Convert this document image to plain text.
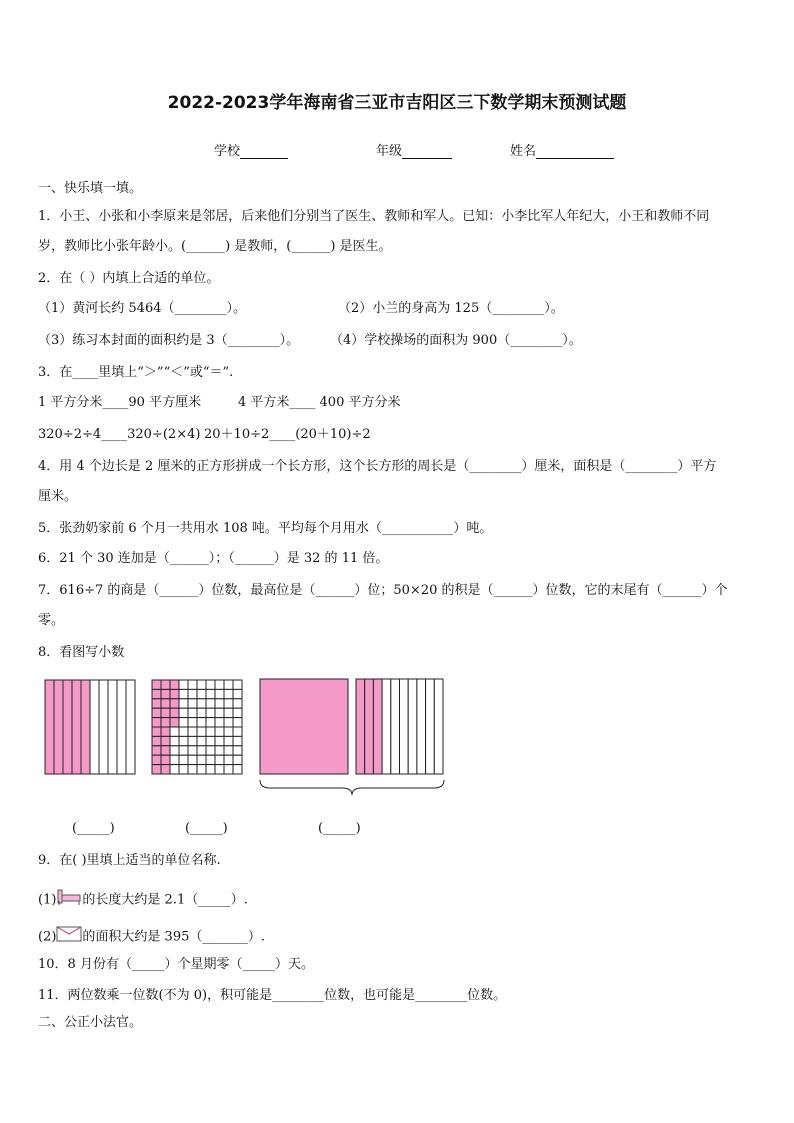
2022-2023学年海南省三亚市吉阳区三下数学期末预测试题
学校	年级	姓名
一、快乐填一填。
1．小王、小张和小李原来是邻居，后来他们分别当了医生、教师和军人。已知：小李比军人年纪大，小王和教师不同
岁，教师比小张年龄小。(______) 是教师，(______) 是医生。
2．在（ ）内填上合适的单位。
（1）黄河长约 5464（________）。	（2）小兰的身高为 125（________）。
（3）练习本封面的面积约是 3（________）。 （4）学校操场的面积为 900（________）。
3．在____里填上“＞”“＜”或“＝”.
1 平方分米____90 平方厘米	4 平方米____ 400 平方分米
320÷2÷4____320÷(2×4) 20＋10÷2____(20＋10)÷2
4．用 4 个边长是 2 厘米的正方形拼成一个长方形，这个长方形的周长是（________）厘米，面积是（________）平方
厘米。
5．张劲奶家前 6 个月一共用水 108 吨。平均每个月用水（___________）吨。
6．21 个 30 连加是（______）；（______）是 32 的 11 倍。
7．616÷7 的商是（______）位数，最高位是（______）位；50×20 的积是（______）位数，它的末尾有（______）个
零。
8．看图写小数
(_____)	(_____)	(_____)
9．在( )里填上适当的单位名称.
(1) 的长度大约是 2.1（_____）.
(2) 的面积大约是 395（_______）.
10．8 月份有（_____）个星期零（_____）天。
11．两位数乘一位数(不为 0)，积可能是________位数，也可能是________位数。
二、公正小法官。
